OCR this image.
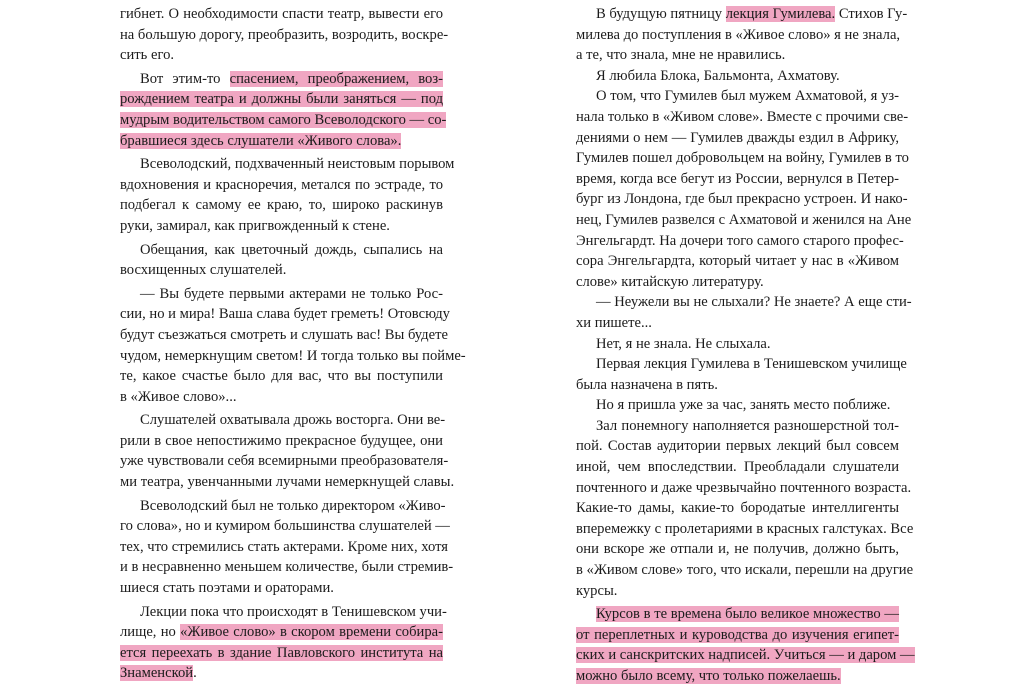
гибнет. О необходимости спасти театр, вывести его
на большую дорогу, преобразить, возродить, воскре-
сить его.
Вот этим-то спасением, преображением, воз-
рождением театра и должны были заняться — под
мудрым водительством самого Всеволодского — со-
бравшиеся здесь слушатели «Живого слова».
Всеволодский, подхваченный неистовым порывом
вдохновения и красноречия, метался по эстраде, то
подбегал к самому ее краю, то, широко раскинув
руки, замирал, как пригвожденный к стене.
Обещания, как цветочный дождь, сыпались на
восхищенных слушателей.
— Вы будете первыми актерами не только Рос-
сии, но и мира! Ваша слава будет греметь! Отовсюду
будут съезжаться смотреть и слушать вас! Вы будете
чудом, немеркнущим светом! И тогда только вы пойме-
те, какое счастье было для вас, что вы поступили
в «Живое слово»...
Слушателей охватывала дрожь восторга. Они ве-
рили в свое непостижимо прекрасное будущее, они
уже чувствовали себя всемирными преобразователя-
ми театра, увенчанными лучами немеркнущей славы.
Всеволодский был не только директором «Живо-
го слова», но и кумиром большинства слушателей —
тех, что стремились стать актерами. Кроме них, хотя
и в несравненно меньшем количестве, были стремив-
шиеся стать поэтами и ораторами.
Лекции пока что происходят в Тенишевском учи-
лище, но «Живое слово» в скором времени собира-
ется переехать в здание Павловского института на
Знаменской.
В будущую пятницу лекция Гумилева. Стихов Гу-
милева до поступления в «Живое слово» я не знала,
а те, что знала, мне не нравились.
Я любила Блока, Бальмонта, Ахматову.
О том, что Гумилев был мужем Ахматовой, я уз-
нала только в «Живом слове». Вместе с прочими све-
дениями о нем — Гумилев дважды ездил в Африку,
Гумилев пошел добровольцем на войну, Гумилев в то
время, когда все бегут из России, вернулся в Петер-
бург из Лондона, где был прекрасно устроен. И нако-
нец, Гумилев развелся с Ахматовой и женился на Ане
Энгельгардт. На дочери того самого старого профес-
сора Энгельгардта, который читает у нас в «Живом
слове» китайскую литературу.
— Неужели вы не слыхали? Не знаете? А еще сти-
хи пишете...
Нет, я не знала. Не слыхала.
Первая лекция Гумилева в Тенишевском училище
была назначена в пять.
Но я пришла уже за час, занять место поближе.
Зал понемногу наполняется разношерстной тол-
пой. Состав аудитории первых лекций был совсем
иной, чем впоследствии. Преобладали слушатели
почтенного и даже чрезвычайно почтенного возраста.
Какие-то дамы, какие-то бородатые интеллигенты
вперемежку с пролетариями в красных галстуках. Все
они вскоре же отпали и, не получив, должно быть,
в «Живом слове» того, что искали, перешли на другие
курсы.
Курсов в те времена было великое множество —
от переплетных и куроводства до изучения египет-
ских и санскритских надписей. Учиться — и даром —
можно было всему, что только пожелаешь.
